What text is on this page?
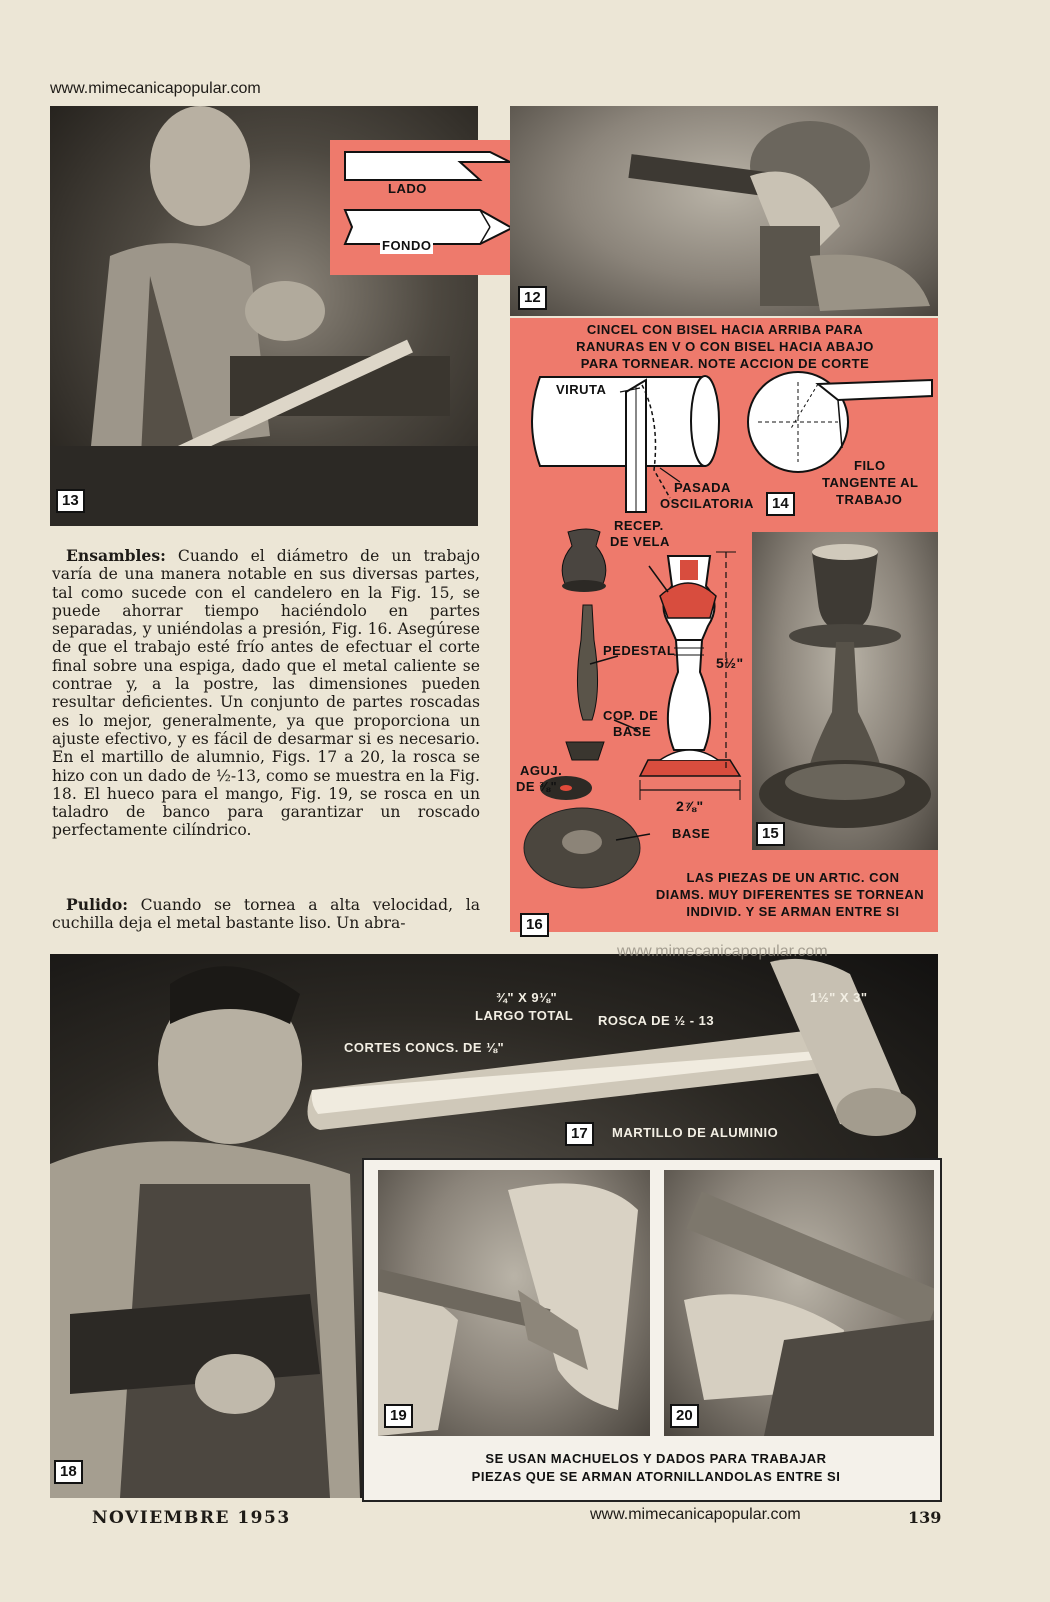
www.mimecanicapopular.com
13
LADO
FONDO
12
CINCEL CON BISEL HACIA ARRIBA PARA
RANURAS EN V O CON BISEL HACIA ABAJO
PARA TORNEAR. NOTE ACCION DE CORTE
VIRUTA
PASADA
OSCILATORIA	14
FILO
TANGENTE AL
TRABAJO
RECEP.
DE VELA
PEDESTAL
COP. DE
BASE
AGUJ.
DE ⅜"
BASE
5½"
2⅞"
15
LAS PIEZAS DE UN ARTIC. CON
DIAMS. MUY DIFERENTES SE TORNEAN
INDIVID. Y SE ARMAN ENTRE SI
16

Ensambles: Cuando el diámetro de un trabajo varía de una manera notable en sus diversas partes, tal como sucede con el candelero en la Fig. 15, se puede ahorrar tiempo haciéndolo en partes separadas, y uniéndolas a presión, Fig. 16. Asegúrese de que el trabajo esté frío antes de efectuar el corte final sobre una espiga, dado que el metal caliente se contrae y, a la postre, las dimensiones pueden resultar deficientes. Un conjunto de partes roscadas es lo mejor, generalmente, ya que proporciona un ajuste efectivo, y es fácil de desarmar si es necesario. En el martillo de alumnio, Figs. 17 a 20, la rosca se hizo con un dado de ½-13, como se muestra en la Fig. 18. El hueco para el mango, Fig. 19, se rosca en un taladro de banco para garantizar un roscado perfectamente cilíndrico.

Pulido: Cuando se tornea a alta velocidad, la cuchilla deja el metal bastante liso. Un abra-

¾" X 9⅛"
LARGO TOTAL ROSCA DE ½ - 13
1½" X 3"
CORTES CONCS. DE ⅛"
17	MARTILLO DE ALUMINIO
18
19	20
SE USAN MACHUELOS Y DADOS PARA TRABAJAR
PIEZAS QUE SE ARMAN ATORNILLANDOLAS ENTRE SI
www.mimecanicapopular.com
NOVIEMBRE 1953	www.mimecanicapopular.com	139
